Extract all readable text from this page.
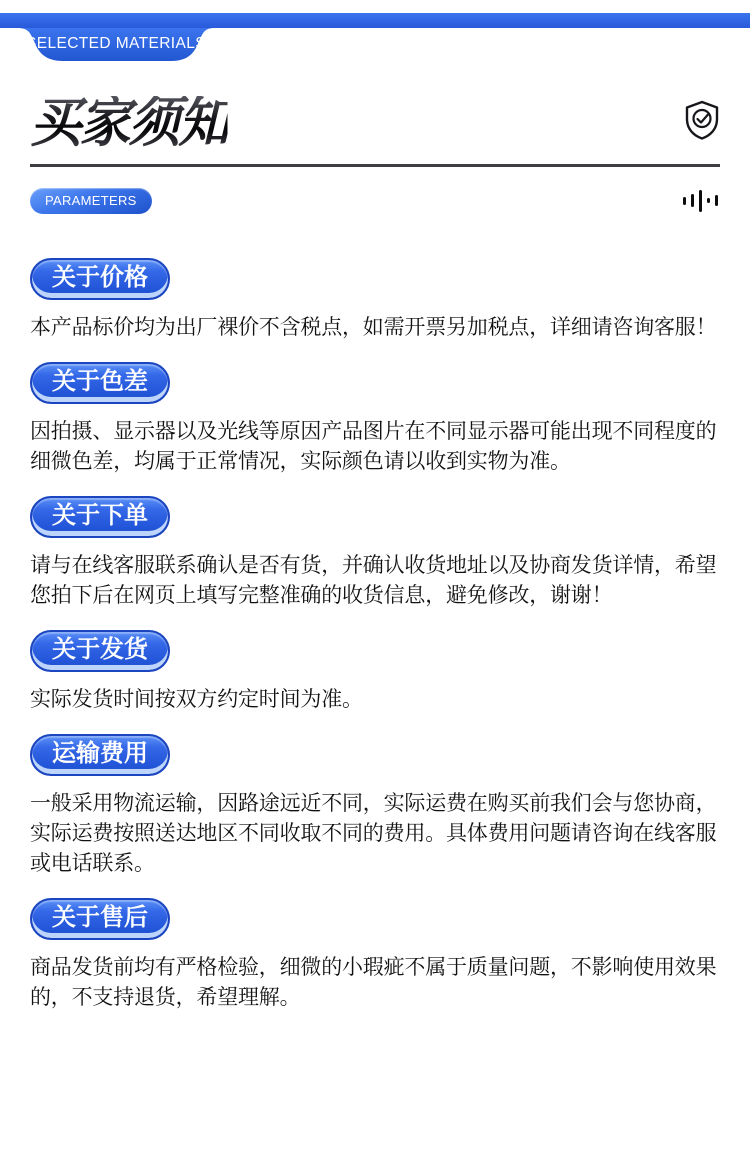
SELECTED MATERIALS
买家须知
PARAMETERS
关于价格

本产品标价均为出厂裸价不含税点，如需开票另加税点，详细请咨询客服！

关于色差

因拍摄、显示器以及光线等原因产品图片在不同显示器可能出现不同程度的细微色差，均属于正常情况，实际颜色请以收到实物为准。

关于下单

请与在线客服联系确认是否有货，并确认收货地址以及协商发货详情，希望您拍下后在网页上填写完整准确的收货信息，避免修改，谢谢！

关于发货

实际发货时间按双方约定时间为准。

运输费用

一般采用物流运输，因路途远近不同，实际运费在购买前我们会与您协商，实际运费按照送达地区不同收取不同的费用。具体费用问题请咨询在线客服或电话联系。

关于售后

商品发货前均有严格检验，细微的小瑕疵不属于质量问题，不影响使用效果的，不支持退货，希望理解。
